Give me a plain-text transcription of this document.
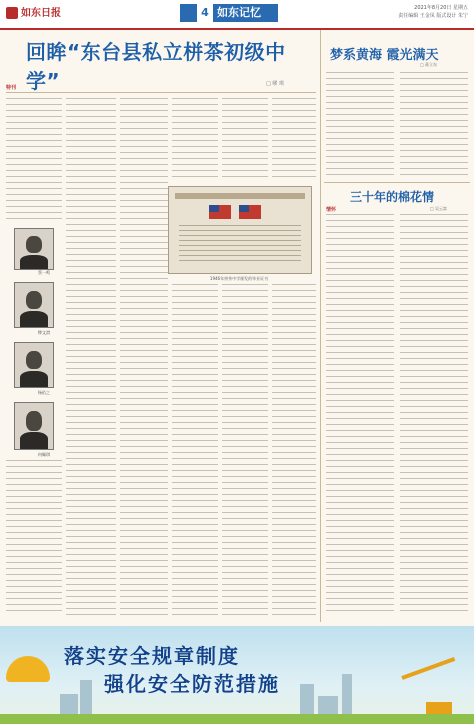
如东日报	4 如东记忆	2021年8月20日 星期五
责任编辑 王金凤 版式设计 朱宁
回眸“东台县私立栟茶初级中学”
特刊
□ 缪 琪
蔡一鸣
缪文渭
杨佑之
何佩琪
1946年栟茶中学颁发的毕业证书
梦系黄海 霞光满天
□ 蒋立东
三十年的棉花情
情怀	□ 吴云富
落实安全规章制度
强化安全防范措施
